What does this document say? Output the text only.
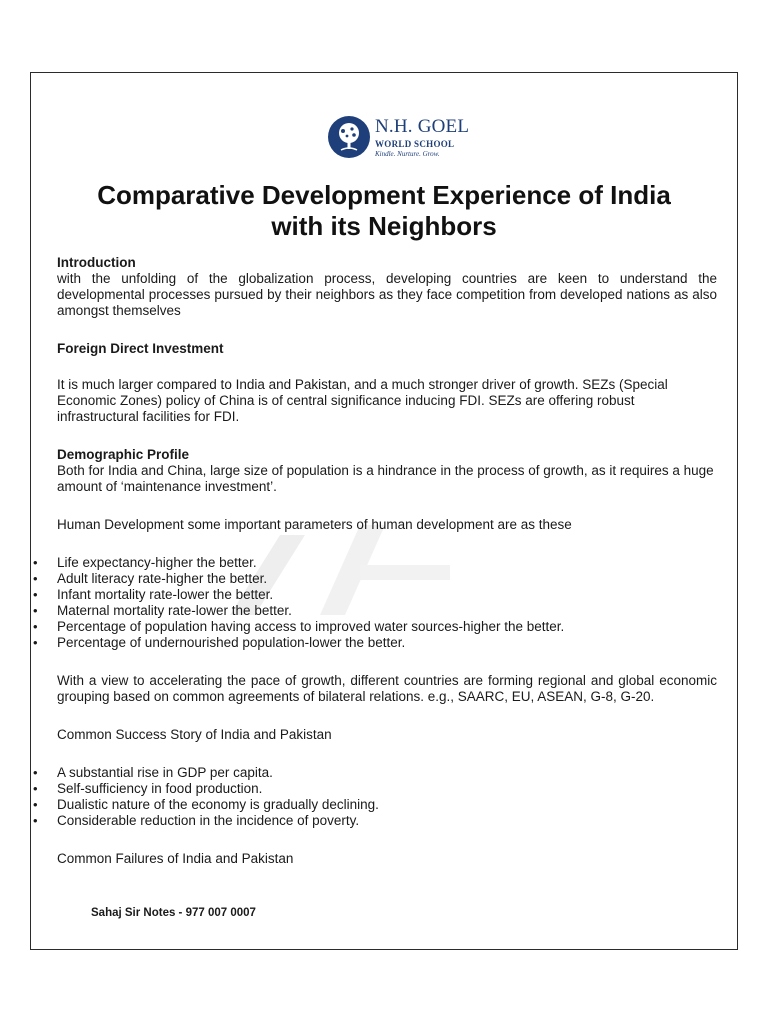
N.H. GOEL
WORLD SCHOOL
Kindle. Nurture. Grow.
Comparative Development Experience of India
with its Neighbors

Introduction

with the unfolding of the globalization process, developing countries are keen to understand the developmental processes pursued by their neighbors as they face competition from developed nations as also amongst themselves

Foreign Direct Investment

It is much larger compared to India and Pakistan, and a much stronger driver of growth. SEZs (Special Economic Zones) policy of China is of central significance inducing FDI. SEZs are offering robust infrastructural facilities for FDI.

Demographic Profile

Both for India and China, large size of population is a hindrance in the process of growth, as it requires a huge amount of ‘maintenance investment’.

Human Development some important parameters of human development are as these

• Life expectancy-higher the better.
• Adult literacy rate-higher the better.
• Infant mortality rate-lower the better.
• Maternal mortality rate-lower the better.
• Percentage of population having access to improved water sources-higher the better.
• Percentage of undernourished population-lower the better.

With a view to accelerating the pace of growth, different countries are forming regional and global economic grouping based on common agreements of bilateral relations. e.g., SAARC, EU, ASEAN, G-8, G-20.

Common Success Story of India and Pakistan

• A substantial rise in GDP per capita.
• Self-sufficiency in food production.
• Dualistic nature of the economy is gradually declining.
• Considerable reduction in the incidence of poverty.

Common Failures of India and Pakistan

Sahaj Sir Notes - 977 007 0007
